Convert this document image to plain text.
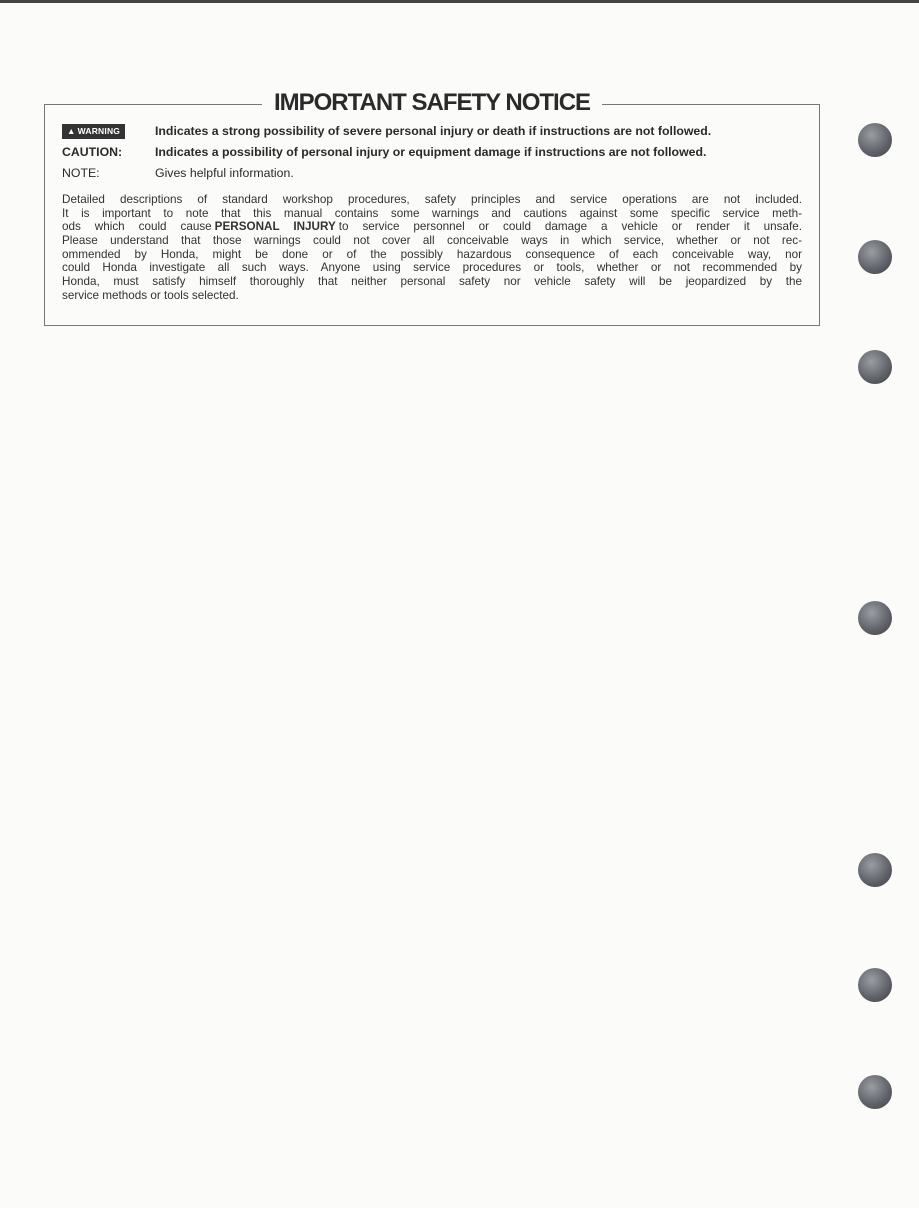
IMPORTANT SAFETY NOTICE
▲ WARNING	Indicates a strong possibility of severe personal injury or death if instructions are not followed.
CAUTION:	Indicates a possibility of personal injury or equipment damage if instructions are not followed.
NOTE:	Gives helpful information.
Detailed descriptions of standard workshop procedures, safety principles and service operations are not included.
It is important to note that this manual contains some warnings and cautions against some specific service meth-
ods which could cause PERSONAL INJURY to service personnel or could damage a vehicle or render it unsafe.
Please understand that those warnings could not cover all conceivable ways in which service, whether or not rec-
ommended by Honda, might be done or of the possibly hazardous consequence of each conceivable way, nor
could Honda investigate all such ways. Anyone using service procedures or tools, whether or not recommended by
Honda, must satisfy himself thoroughly that neither personal safety nor vehicle safety will be jeopardized by the
service methods or tools selected.
